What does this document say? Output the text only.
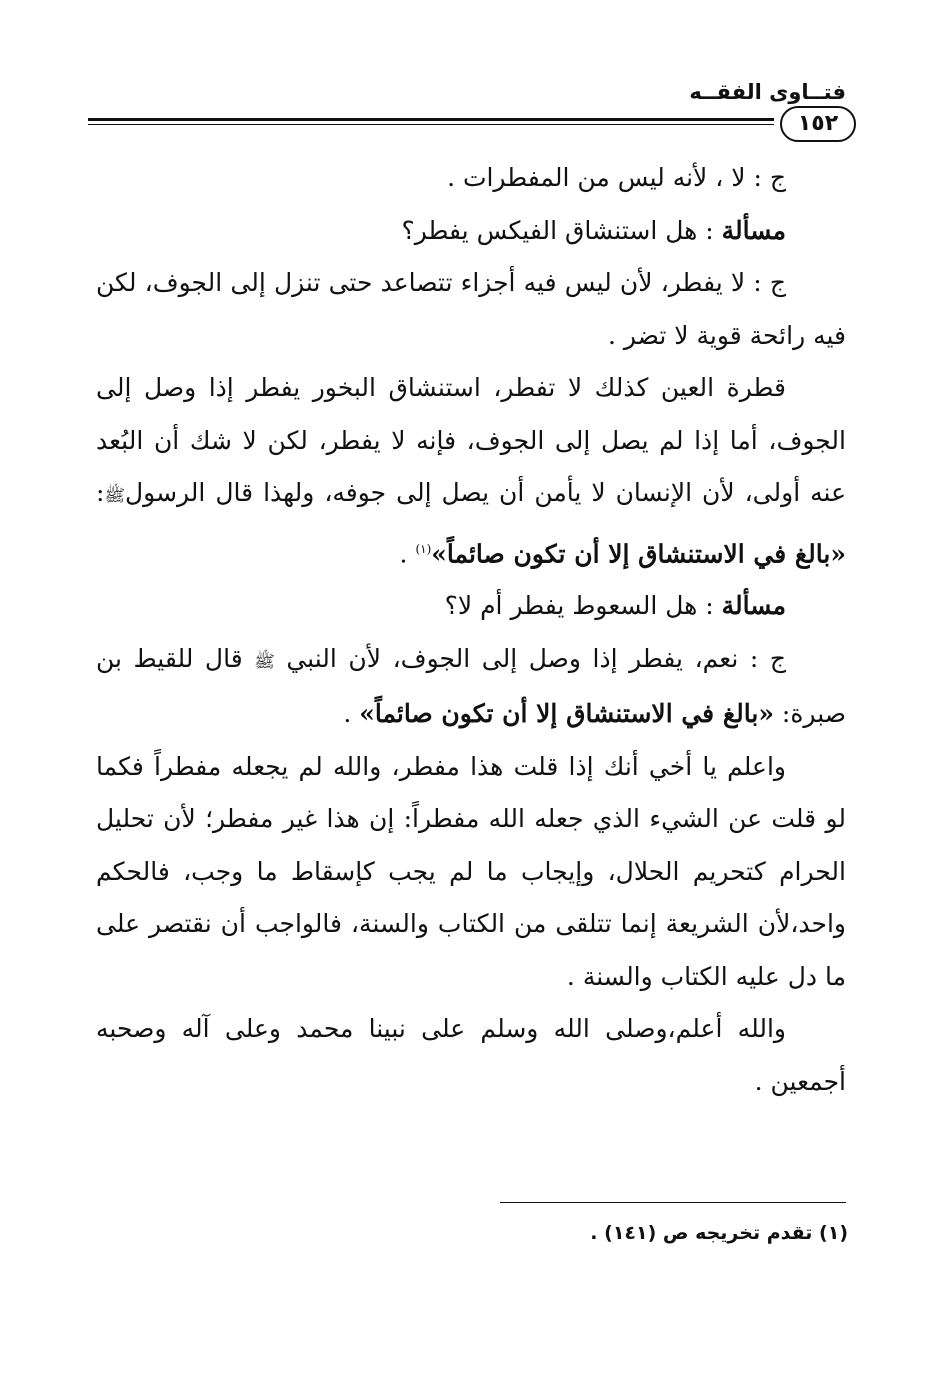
فتــاوى الفقــه
١٥٢

ج : لا ، لأنه ليس من المفطرات .

مسألة : هل استنشاق الفيكس يفطر؟

ج : لا يفطر، لأن ليس فيه أجزاء تتصاعد حتى تنزل إلى الجوف، لكن فيه رائحة قوية لا تضر .

قطرة العين كذلك لا تفطر، استنشاق البخور يفطر إذا وصل إلى الجوف، أما إذا لم يصل إلى الجوف، فإنه لا يفطر، لكن لا شك أن البُعد عنه أولى، لأن الإنسان لا يأمن أن يصل إلى جوفه، ولهذا قال الرسولﷺ: «بالغ في الاستنشاق إلا أن تكون صائماً»$^{(١)}$ .

مسألة : هل السعوط يفطر أم لا؟

ج : نعم، يفطر إذا وصل إلى الجوف، لأن النبي ﷺ قال للقيط بن صبرة: «بالغ في الاستنشاق إلا أن تكون صائماً» .

واعلم يا أخي أنك إذا قلت هذا مفطر، والله لم يجعله مفطراً فكما لو قلت عن الشيء الذي جعله الله مفطراً: إن هذا غير مفطر؛ لأن تحليل الحرام كتحريم الحلال، وإيجاب ما لم يجب كإسقاط ما وجب، فالحكم واحد،لأن الشريعة إنما تتلقى من الكتاب والسنة، فالواجب أن نقتصر على ما دل عليه الكتاب والسنة .

والله أعلم،وصلى الله وسلم على نبينا محمد وعلى آله وصحبه أجمعين .

(١) تقدم تخريجه ص (١٤١) .
